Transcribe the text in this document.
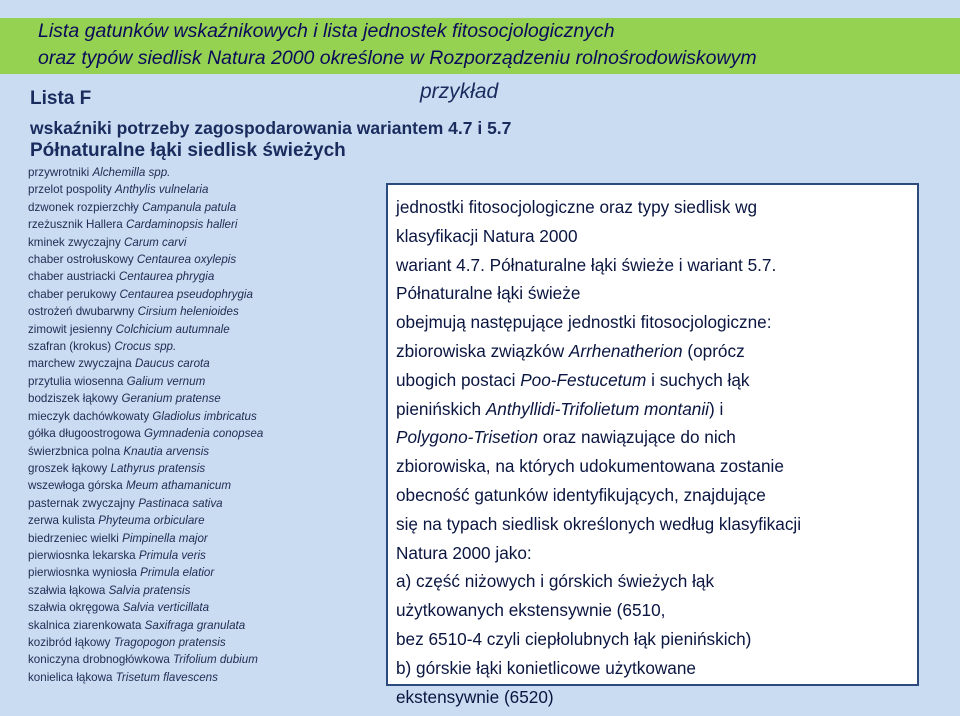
Lista gatunków wskaźnikowych i lista jednostek fitosocjologicznych
oraz typów siedlisk Natura 2000 określone w Rozporządzeniu rolnośrodowiskowym
Lista F	przykład
wskaźniki potrzeby zagospodarowania wariantem 4.7 i 5.7
Półnaturalne łąki siedlisk świeżych
przywrotniki Alchemilla spp.
przelot pospolity Anthylis vulnelaria
dzwonek rozpierzchły Campanula patula
rzeżusznik Hallera Cardaminopsis halleri
kminek zwyczajny Carum carvi
chaber ostrołuskowy Centaurea oxylepis
chaber austriacki Centaurea phrygia
chaber perukowy Centaurea pseudophrygia
ostrożeń dwubarwny Cirsium helenioides
zimowit jesienny Colchicium autumnale
szafran (krokus) Crocus spp.
marchew zwyczajna Daucus carota
przytulia wiosenna Galium vernum
bodziszek łąkowy Geranium pratense
mieczyk dachówkowaty Gladiolus imbricatus
gółka długoostrogowa Gymnadenia conopsea
świerzbnica polna Knautia arvensis
groszek łąkowy Lathyrus pratensis
wszewłoga górska Meum athamanicum
pasternak zwyczajny Pastinaca sativa
zerwa kulista Phyteuma orbiculare
biedrzeniec wielki Pimpinella major
pierwiosnka lekarska Primula veris
pierwiosnka wyniosła Primula elatior
szałwia łąkowa Salvia pratensis
szałwia okręgowa Salvia verticillata
skalnica ziarenkowata Saxifraga granulata
kozibród łąkowy Tragopogon pratensis
koniczyna drobnogłówkowa Trifolium dubium
konielica łąkowa Trisetum flavescens
jednostki fitosocjologiczne oraz typy siedlisk wg
klasyfikacji Natura 2000
wariant 4.7. Półnaturalne łąki świeże i wariant 5.7.
Półnaturalne łąki świeże
obejmują następujące jednostki fitosocjologiczne:
zbiorowiska związków Arrhenatherion (oprócz
ubogich postaci Poo-Festucetum i suchych łąk
pienińskich Anthyllidi-Trifolietum montanii) i
Polygono-Trisetion oraz nawiązujące do nich
zbiorowiska, na których udokumentowana zostanie
obecność gatunków identyfikujących, znajdujące
się na typach siedlisk określonych według klasyfikacji
Natura 2000 jako:
a) część niżowych i górskich świeżych łąk
użytkowanych ekstensywnie (6510,
bez 6510-4 czyli ciepłolubnych łąk pienińskich)
b) górskie łąki konietlicowe użytkowane
ekstensywnie (6520)
